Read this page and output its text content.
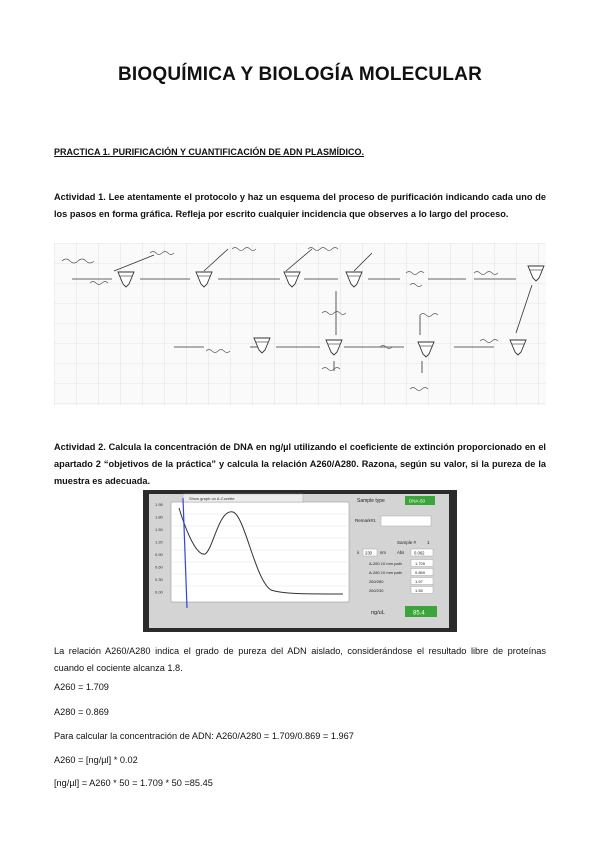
BIOQUÍMICA Y BIOLOGÍA MOLECULAR
PRACTICA 1. PURIFICACIÓN Y CUANTIFICACIÓN DE ADN PLASMÍDICO.
Actividad 1. Lee atentamente el protocolo y haz un esquema del proceso de purificación indicando cada uno de los pasos en forma gráfica. Refleja por escrito cualquier incidencia que observes a lo largo del proceso.
Actividad 2. Calcula la concentración de DNA en ng/µl utilizando el coeficiente de extinción proporcionado en el apartado 2 “objetivos de la práctica” y calcula la relación A260/A280. Razona, según su valor, si la pureza de la muestra es adecuada.
Show graph on A-Cuvette
1.95
1.80
1.50
1.20
0.90
0.60
0.30
0.00
Sample type	DNA-50
Remark#1
Sample # 1
λ 230 nm	Abs 0.062
A-260 10 mm path	1.709
A-280 10 mm path	0.869
260/280	1.97
260/230	1.55
ng/uL	85.4
La relación A260/A280 indica el grado de pureza del ADN aislado, considerándose el resultado libre de proteínas cuando el cociente alcanza 1.8.
A260 = 1.709
A280 = 0.869
Para calcular la concentración de ADN: A260/A280 = 1.709/0.869 = 1.967
A260 = [ng/µl] * 0.02
[ng/µl] = A260 * 50 = 1.709 * 50 =85.45
